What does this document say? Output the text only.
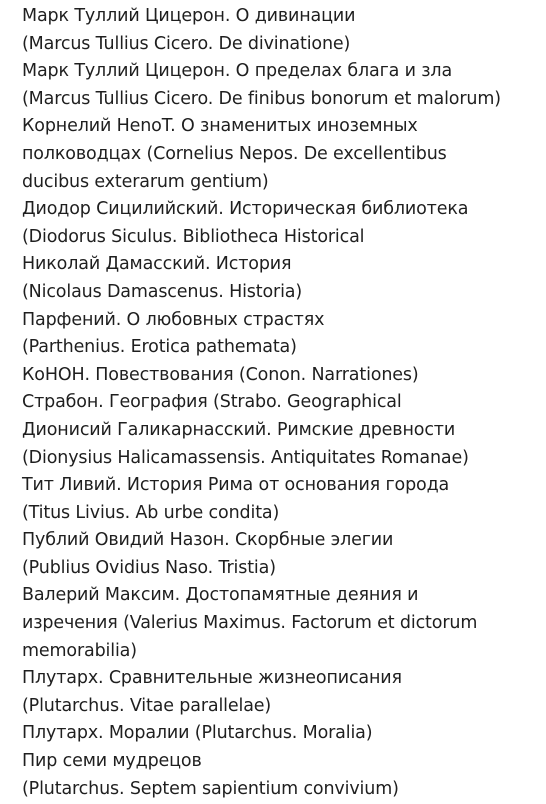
Марк Туллий Цицерон. О дивинации
(Marcus Tullius Cicero. De divinatione)
Марк Туллий Цицерон. О пределах блага и зла
(Marcus Tullius Cicero. De finibus bonorum et malorum)
Корнелий HenoT. О знаменитых иноземных
полководцах (Cornelius Nepos. De excellentibus
ducibus exterarum gentium)
Диодор Сицилийский. Историческая библиотека
(Diodorus Siculus. Bibliotheca Historical
Николай Дамасский. История
(Nicolaus Damascenus. Historia)
Парфений. О любовных страстях
(Parthenius. Erotica pathemata)
КоНОН. Повествования (Conon. Narrationes)
Страбон. География (Strabo. Geographical
Дионисий Галикарнасский. Римские древности
(Dionysius Halicamassensis. Antiquitates Romanae)
Тит Ливий. История Рима от основания города
(Titus Livius. Ab urbe condita)
Публий Овидий Назон. Скорбные элегии
(Publius Ovidius Naso. Tristia)
Валерий Максим. Достопамятные деяния и
изречения (Valerius Maximus. Factorum et dictorum
memorabilia)
Плутарх. Сравнительные жизнеописания
(Plutarchus. Vitae parallelae)
Плутарх. Моралии (Plutarchus. Moralia)
Пир семи мудрецов
(Plutarchus. Septem sapientium convivium)
